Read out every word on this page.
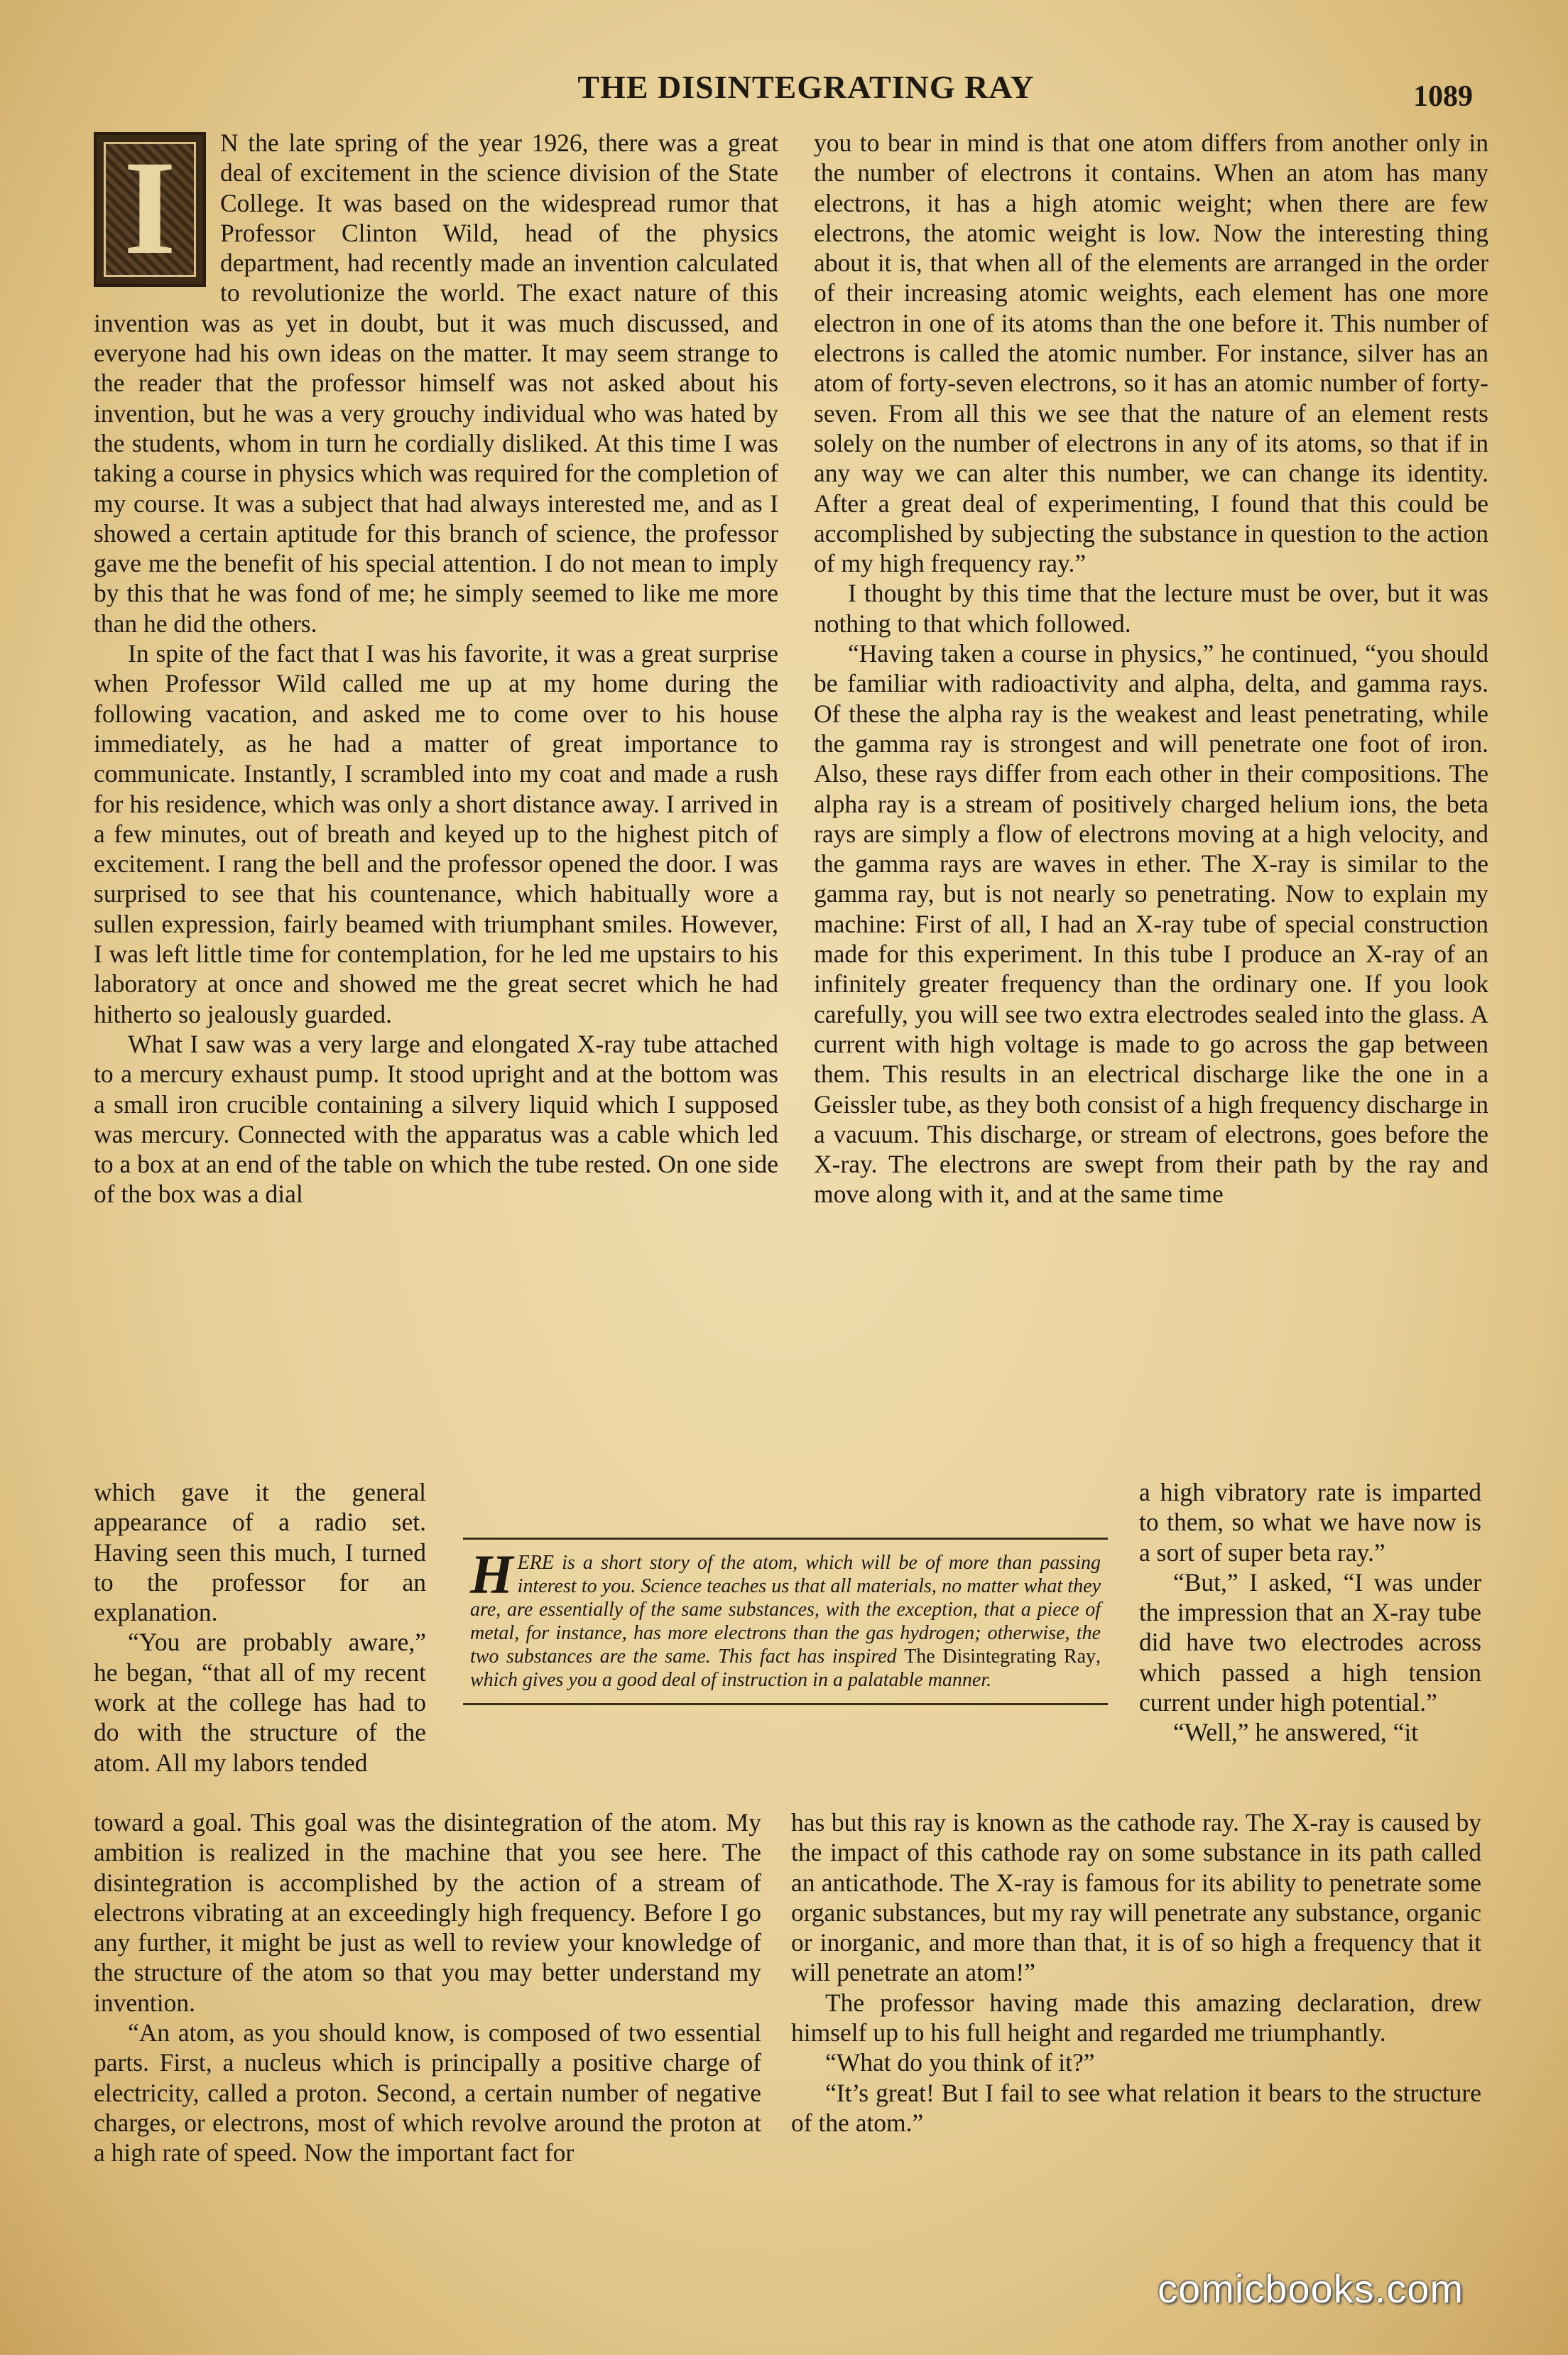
THE DISINTEGRATING RAY	1089
I	N the late spring of the year 1926, there was a great deal of excitement in the science division of the State College. It was based on the widespread rumor that Professor Clinton Wild, head of the physics department, had recently made an invention calculated to revolutionize the world. The exact nature of this invention was as yet in doubt, but it was much discussed, and everyone had his own ideas on the matter. It may seem strange to the reader that the professor himself was not asked about his invention, but he was a very grouchy individual who was hated by the students, whom in turn he cordially disliked. At this time I was taking a course in physics which was required for the completion of my course. It was a subject that had always interested me, and as I showed a certain aptitude for this branch of science, the professor gave me the benefit of his special attention. I do not mean to imply by this that he was fond of me; he simply seemed to like me more than he did the others.

In spite of the fact that I was his favorite, it was a great surprise when Professor Wild called me up at my home during the following vacation, and asked me to come over to his house immediately, as he had a matter of great importance to communicate. Instantly, I scrambled into my coat and made a rush for his residence, which was only a short distance away. I arrived in a few minutes, out of breath and keyed up to the highest pitch of excitement. I rang the bell and the professor opened the door. I was surprised to see that his countenance, which habitually wore a sullen expression, fairly beamed with triumphant smiles. However, I was left little time for contemplation, for he led me upstairs to his laboratory at once and showed me the great secret which he had hitherto so jealously guarded.

What I saw was a very large and elongated X-ray tube attached to a mercury exhaust pump. It stood upright and at the bottom was a small iron crucible containing a silvery liquid which I supposed was mercury. Connected with the apparatus was a cable which led to a box at an end of the table on which the tube rested. On one side of the box was a dial

which gave it the general appearance of a radio set. Having seen this much, I turned to the professor for an explanation.

“You are probably aware,” he began, “that all of my recent work at the college has had to do with the structure of the atom. All my labors tended

toward a goal. This goal was the disintegration of the atom. My ambition is realized in the machine that you see here. The disintegration is accomplished by the action of a stream of electrons vibrating at an exceedingly high frequency. Before I go any further, it might be just as well to review your knowledge of the structure of the atom so that you may better understand my invention.

“An atom, as you should know, is composed of two essential parts. First, a nucleus which is principally a positive charge of electricity, called a proton. Second, a certain number of negative charges, or electrons, most of which revolve around the proton at a high rate of speed. Now the important fact for

you to bear in mind is that one atom differs from another only in the number of electrons it contains. When an atom has many electrons, it has a high atomic weight; when there are few electrons, the atomic weight is low. Now the interesting thing about it is, that when all of the elements are arranged in the order of their increasing atomic weights, each element has one more electron in one of its atoms than the one before it. This number of electrons is called the atomic number. For instance, silver has an atom of forty-seven electrons, so it has an atomic number of forty-seven. From all this we see that the nature of an element rests solely on the number of electrons in any of its atoms, so that if in any way we can alter this number, we can change its identity. After a great deal of experimenting, I found that this could be accomplished by subjecting the substance in question to the action of my high frequency ray.”

I thought by this time that the lecture must be over, but it was nothing to that which followed.

“Having taken a course in physics,” he continued, “you should be familiar with radioactivity and alpha, delta, and gamma rays. Of these the alpha ray is the weakest and least penetrating, while the gamma ray is strongest and will penetrate one foot of iron. Also, these rays differ from each other in their compositions. The alpha ray is a stream of positively charged helium ions, the beta rays are simply a flow of electrons moving at a high velocity, and the gamma rays are waves in ether. The X-ray is similar to the gamma ray, but is not nearly so penetrating. Now to explain my machine: First of all, I had an X-ray tube of special construction made for this experiment. In this tube I produce an X-ray of an infinitely greater frequency than the ordinary one. If you look carefully, you will see two extra electrodes sealed into the glass. A current with high voltage is made to go across the gap between them. This results in an electrical discharge like the one in a Geissler tube, as they both consist of a high frequency discharge in a vacuum. This discharge, or stream of electrons, goes before the X-ray. The electrons are swept from their path by the ray and move along with it, and at the same time

a high vibratory rate is imparted to them, so what we have now is a sort of super beta ray.”

“But,” I asked, “I was under the impression that an X-ray tube did have two electrodes across which passed a high tension current under high potential.”

“Well,” he answered, “it

has but this ray is known as the cathode ray. The X-ray is caused by the impact of this cathode ray on some substance in its path called an anticathode. The X-ray is famous for its ability to penetrate some organic substances, but my ray will penetrate any substance, organic or inorganic, and more than that, it is of so high a frequency that it will penetrate an atom!”

The professor having made this amazing declaration, drew himself up to his full height and regarded me triumphantly.

“What do you think of it?”

“It’s great! But I fail to see what relation it bears to the structure of the atom.”

HERE is a short story of the atom, which will be of more than passing interest to you. Science teaches us that all materials, no matter what they are, are essentially of the same substances, with the exception, that a piece of metal, for instance, has more electrons than the gas hydrogen; otherwise, the two substances are the same. This fact has inspired The Disintegrating Ray, which gives you a good deal of instruction in a palatable manner.
comicbooks.com
